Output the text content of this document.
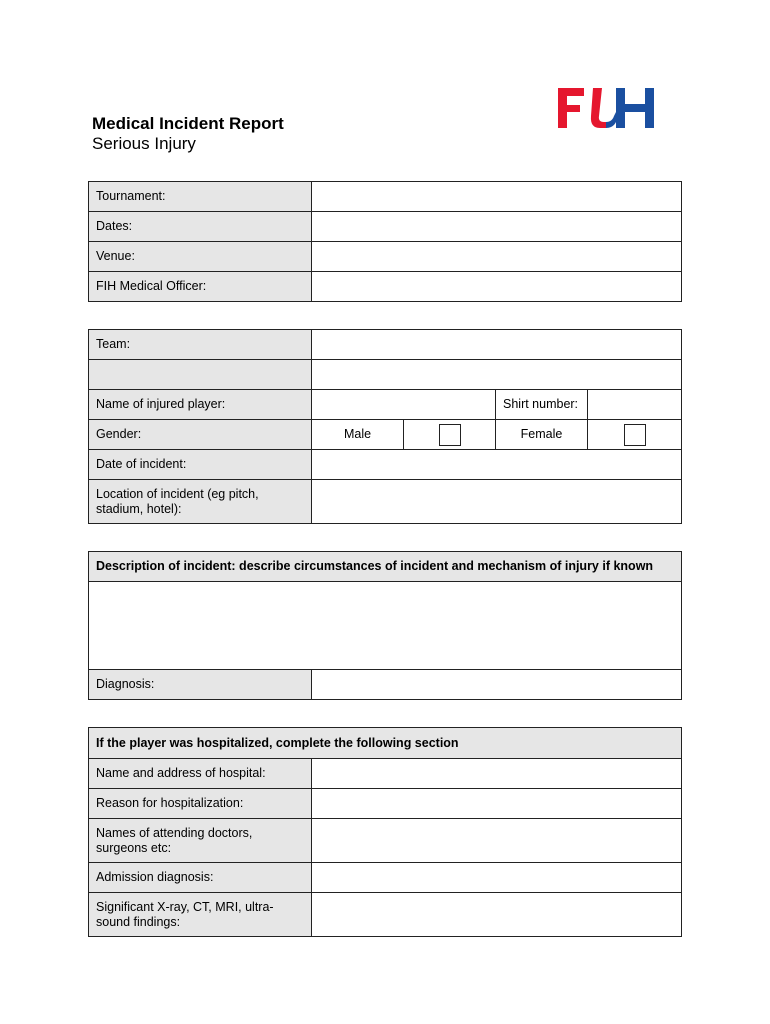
Medical Incident Report
Serious Injury
Tournament:	
Dates:	
Venue:	
FIH Medical Officer:	
Team:				

Name of injured player:			Shirt number:	
Gender:	Male		Female	
Date of incident:				
Location of incident (eg pitch, stadium, hotel):				
Description of incident: describe circumstances of incident and mechanism of injury if known

Diagnosis:	
If the player was hospitalized, complete the following section	
Name and address of hospital:	
Reason for hospitalization:	
Names of attending doctors, surgeons etc:	
Admission diagnosis:	
Significant X-ray, CT, MRI, ultra-sound findings:	
